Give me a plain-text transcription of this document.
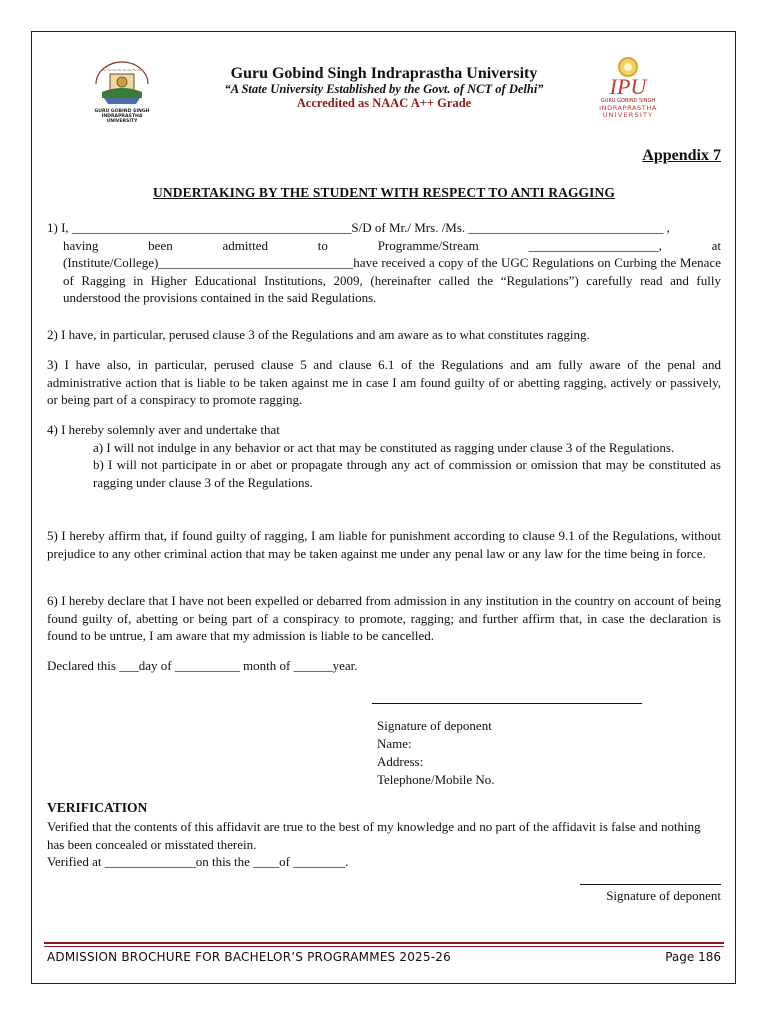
~~~~~~~~
GURU GOBIND SINGH
INDRAPRASTHA
UNIVERSITY
IPU
GURU GOBIND SINGH
INDRAPRASTHA
UNIVERSITY
Guru Gobind Singh Indraprastha University
“A State University Established by the Govt. of NCT of Delhi”
Accredited as NAAC A++ Grade
Appendix 7
UNDERTAKING BY THE STUDENT WITH RESPECT TO ANTI RAGGING
1) I, ___________________________________________S/D of Mr./ Mrs. /Ms. ______________________________ ,
having	been	admitted	to	Programme/Stream	____________________,	at
(Institute/College)______________________________have received a copy of the UGC Regulations on Curbing the Menace of Ragging in Higher Educational Institutions, 2009, (hereinafter called the “Regulations”) carefully read and fully understood the provisions contained in the said Regulations.
2) I have, in particular, perused clause 3 of the Regulations and am aware as to what constitutes ragging.
3) I have also, in particular, perused clause 5 and clause 6.1 of the Regulations and am fully aware of the penal and administrative action that is liable to be taken against me in case I am found guilty of or abetting ragging, actively or passively, or being part of a conspiracy to promote ragging.
4) I hereby solemnly aver and undertake that
a) I will not indulge in any behavior or act that may be constituted as ragging under clause 3 of the Regulations.
b) I will not participate in or abet or propagate through any act of commission or omission that may be constituted as ragging under clause 3 of the Regulations.
5) I hereby affirm that, if found guilty of ragging, I am liable for punishment according to clause 9.1 of the Regulations, without prejudice to any other criminal action that may be taken against me under any penal law or any law for the time being in force.
6) I hereby declare that I have not been expelled or debarred from admission in any institution in the country on account of being found guilty of, abetting or being part of a conspiracy to promote, ragging; and further affirm that, in case the declaration is found to be untrue, I am aware that my admission is liable to be cancelled.
Declared this ___day of __________ month of ______year.
Signature of deponent
Name:
Address:
Telephone/Mobile No.
VERIFICATION
Verified that the contents of this affidavit are true to the best of my knowledge and no part of the affidavit is false and nothing has been concealed or misstated therein.
Verified at ______________on this the ____of ________.
Signature of deponent
ADMISSION BROCHURE FOR BACHELOR’S PROGRAMMES 2025-26	Page 186
